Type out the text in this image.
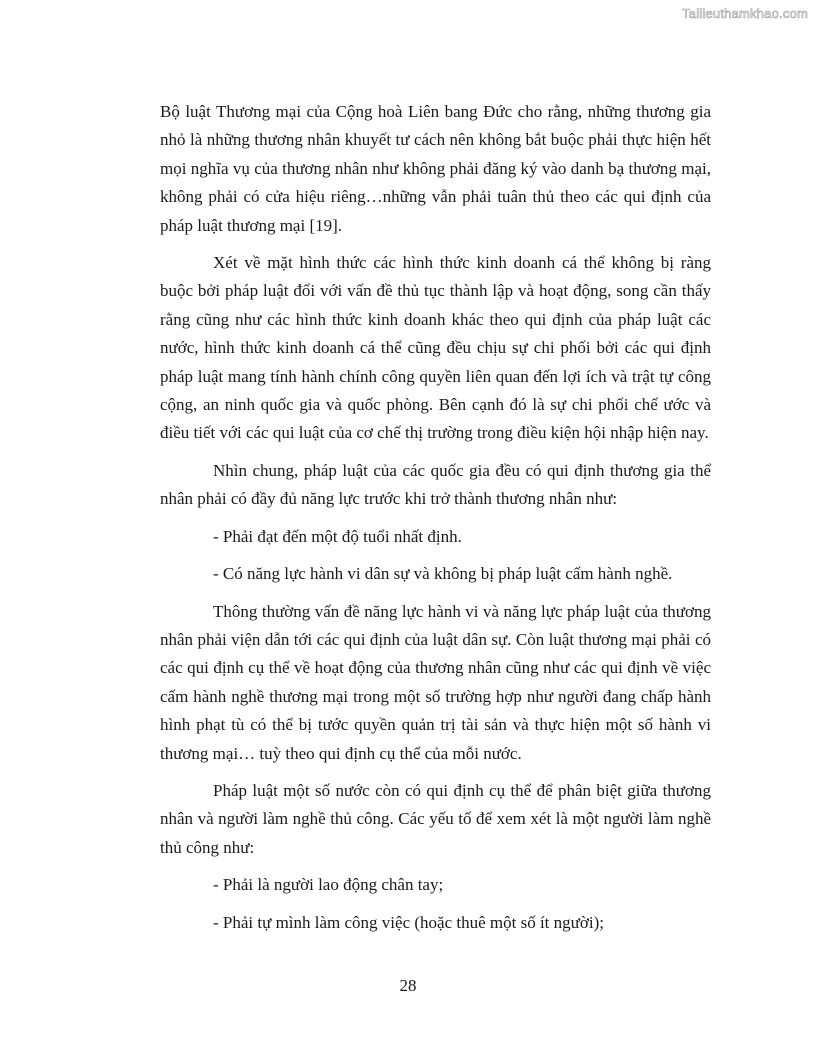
Tailieuthamkhao.com

Bộ luật Thương mại của Cộng hoà Liên bang Đức cho rằng, những thương gia nhỏ là những thương nhân khuyết tư cách nên không bắt buộc phải thực hiện hết mọi nghĩa vụ của thương nhân như không phải đăng ký vào danh bạ thương mại, không phải có cửa hiệu riêng…những vẫn phải tuân thủ theo các qui định của pháp luật thương mại [19].

Xét về mặt hình thức các hình thức kinh doanh cá thể không bị ràng buộc bởi pháp luật đối với vấn đề thủ tục thành lập và hoạt động, song cần thấy rằng cũng như các hình thức kinh doanh khác theo qui định của pháp luật các nước, hình thức kinh doanh cá thể cũng đều chịu sự chi phối bởi các qui định pháp luật mang tính hành chính công quyền liên quan đến lợi ích và trật tự công cộng, an ninh quốc gia và quốc phòng. Bên cạnh đó là sự chi phối chế ước và điều tiết với các qui luật của cơ chế thị trường trong điều kiện hội nhập hiện nay.

Nhìn chung, pháp luật của các quốc gia đều có qui định thương gia thể nhân phải có đầy đủ năng lực trước khi trở thành thương nhân như:

- Phải đạt đến một độ tuổi nhất định.

- Có năng lực hành vi dân sự và không bị pháp luật cấm hành nghề.

Thông thường vấn đề năng lực hành vi và năng lực pháp luật của thương nhân phải viện dẫn tới các qui định của luật dân sự. Còn luật thương mại phải có các qui định cụ thể về hoạt động của thương nhân cũng như các qui định về việc cấm hành nghề thương mại trong một số trường hợp như người đang chấp hành hình phạt tù có thể bị tước quyền quản trị tài sản và thực hiện một số hành vi thương mại… tuỳ theo qui định cụ thể của mỗi nước.

Pháp luật một số nước còn có qui định cụ thể để phân biệt giữa thương nhân và người làm nghề thủ công. Các yếu tố để xem xét là một người làm nghề thủ công như:

- Phải là người lao động chân tay;

- Phải tự mình làm công việc (hoặc thuê một số ít người);

28
